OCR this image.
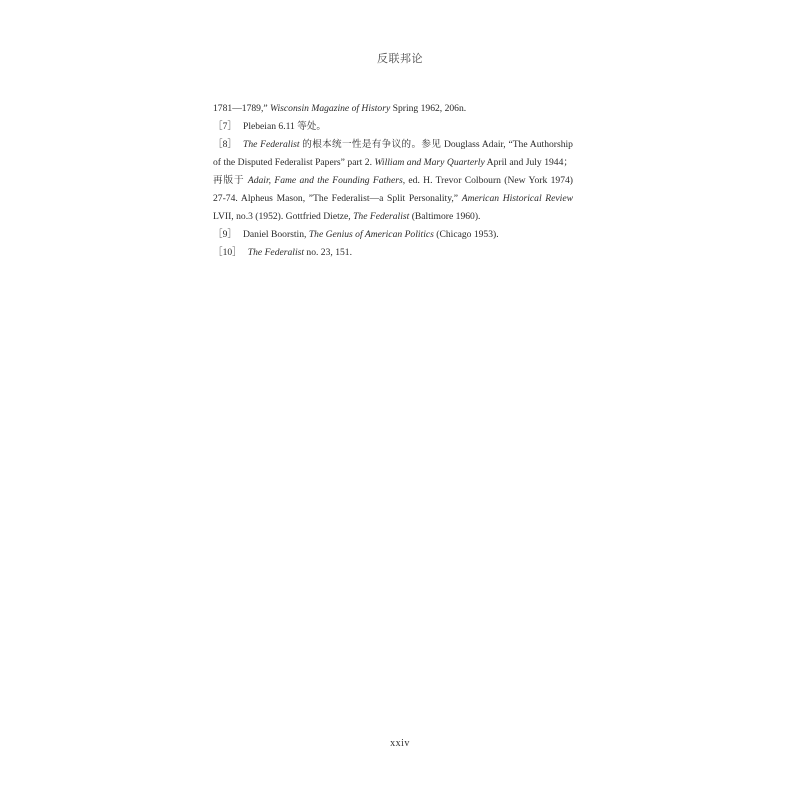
反联邦论
1781—1789,” Wisconsin Magazine of History Spring 1962, 206n.
［7］ Plebeian 6.11 等处。
［8］ The Federalist 的根本统一性是有争议的。参见 Douglass Adair, “The Authorship
of the Disputed Federalist Papers” part 2. William and Mary Quarterly April and July 1944；
再版于 Adair, Fame and the Founding Fathers, ed. H. Trevor Colbourn (New York 1974)
27-74. Alpheus Mason, ”The Federalist—a Split Personality,” American Historical Review
LVII, no.3 (1952). Gottfried Dietze, The Federalist (Baltimore 1960).
［9］ Daniel Boorstin, The Genius of American Politics (Chicago 1953).
［10］ The Federalist no. 23, 151.
xxiv
